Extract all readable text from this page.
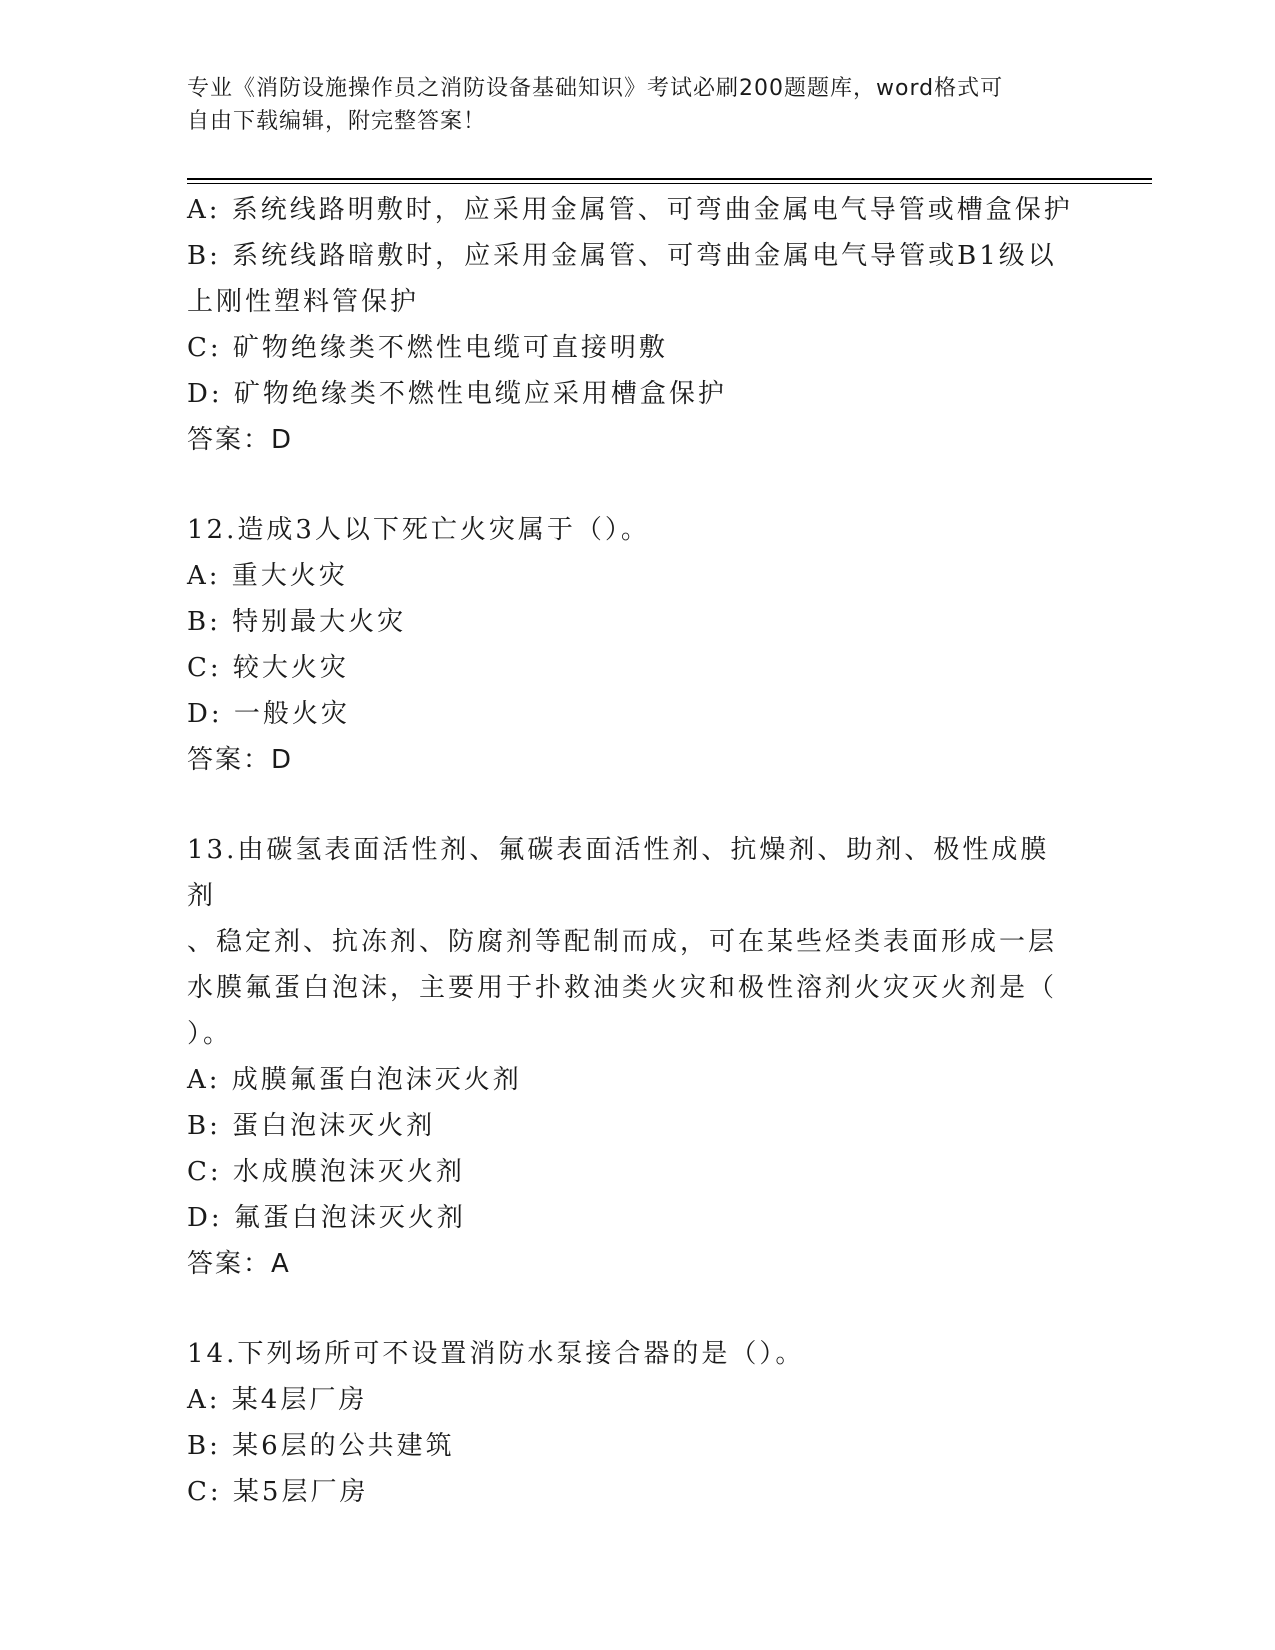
专业《消防设施操作员之消防设备基础知识》考试必刷200题题库，word格式可
自由下载编辑，附完整答案！

A: 系统线路明敷时，应采用金属管、可弯曲金属电气导管或槽盒保护

B: 系统线路暗敷时，应采用金属管、可弯曲金属电气导管或B1级以

上刚性塑料管保护

C: 矿物绝缘类不燃性电缆可直接明敷

D: 矿物绝缘类不燃性电缆应采用槽盒保护

答案：D

12.造成3人以下死亡火灾属于（）。

A: 重大火灾

B: 特别最大火灾

C: 较大火灾

D: 一般火灾

答案：D

13.由碳氢表面活性剂、氟碳表面活性剂、抗燥剂、助剂、极性成膜剂

、稳定剂、抗冻剂、防腐剂等配制而成，可在某些烃类表面形成一层

水膜氟蛋白泡沫，主要用于扑救油类火灾和极性溶剂火灾灭火剂是（

）。

A: 成膜氟蛋白泡沫灭火剂

B: 蛋白泡沫灭火剂

C: 水成膜泡沫灭火剂

D: 氟蛋白泡沫灭火剂

答案：A

14.下列场所可不设置消防水泵接合器的是（）。

A: 某4层厂房

B: 某6层的公共建筑

C: 某5层厂房
